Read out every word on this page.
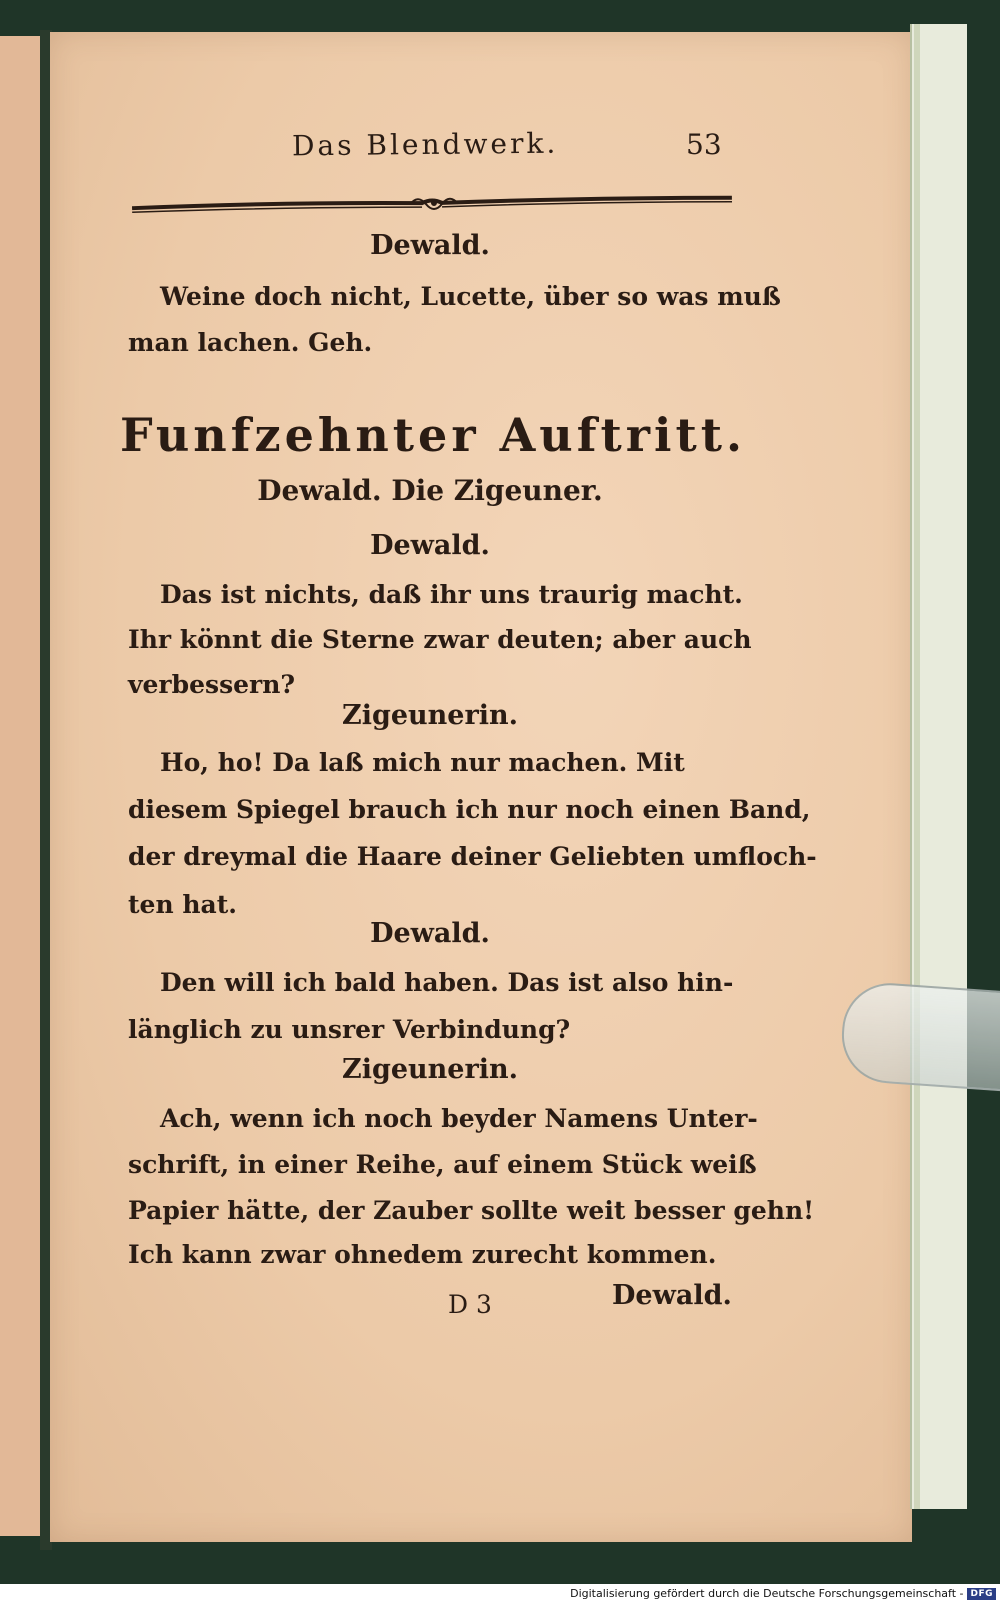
Das Blendwerk.	53
Dewald.
Weine doch nicht, Lucette, über so was muß
man lachen. Geh.
Funfzehnter Auftritt.
Dewald. Die Zigeuner.
Dewald.
Das ist nichts, daß ihr uns traurig macht.
Ihr könnt die Sterne zwar deuten; aber auch
verbessern?
Zigeunerin.
Ho, ho! Da laß mich nur machen. Mit
diesem Spiegel brauch ich nur noch einen Band,
der dreymal die Haare deiner Geliebten umfloch-
ten hat.
Dewald.
Den will ich bald haben. Das ist also hin-
länglich zu unsrer Verbindung?
Zigeunerin.
Ach, wenn ich noch beyder Namens Unter-
schrift, in einer Reihe, auf einem Stück weiß
Papier hätte, der Zauber sollte weit besser gehn!
Ich kann zwar ohnedem zurecht kommen.
D 3	Dewald.
Digitalisierung gefördert durch die Deutsche Forschungsgemeinschaft - DFG
